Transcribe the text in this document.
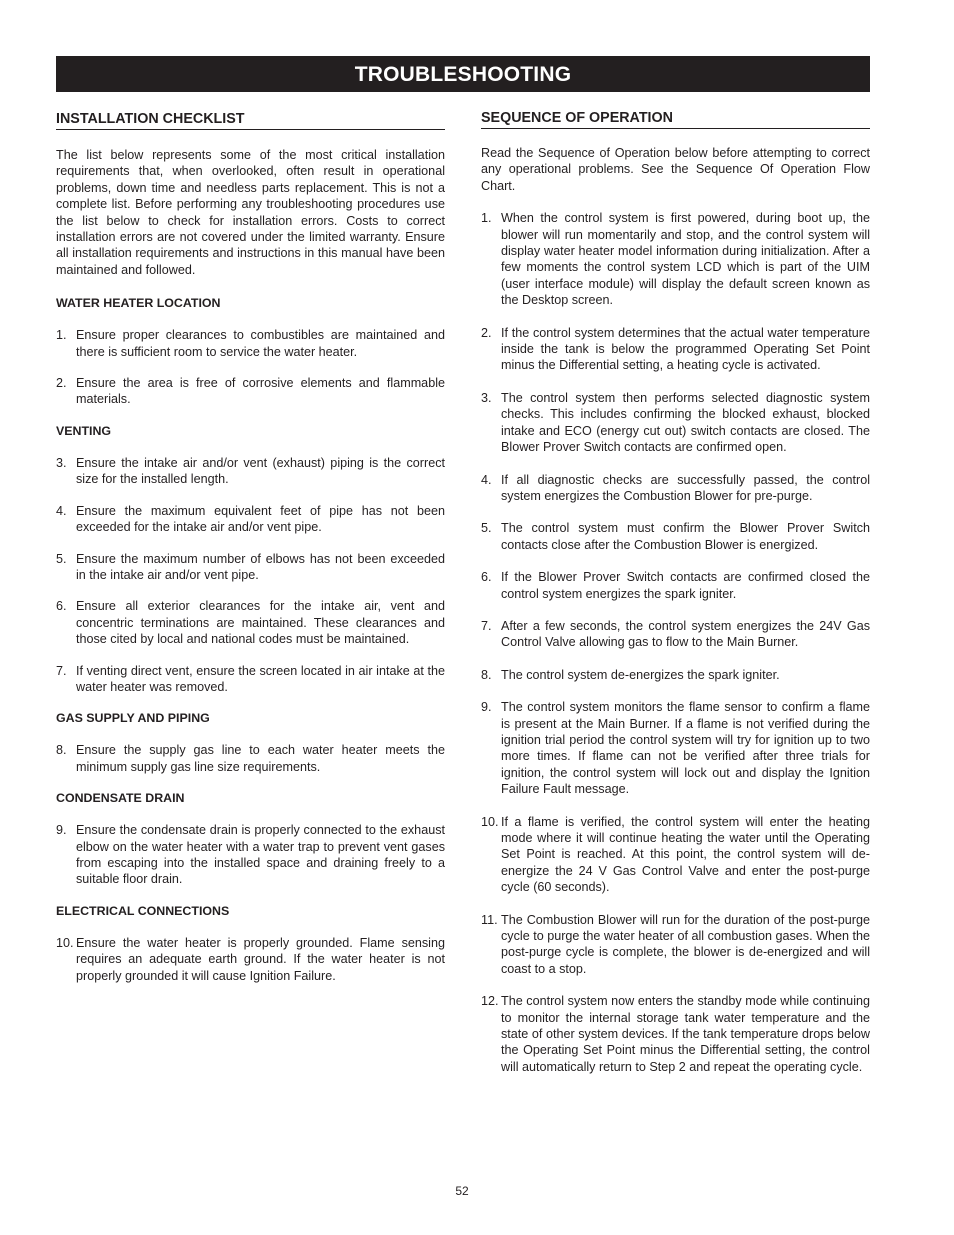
TROUBLESHOOTING
INSTALLATION CHECKLIST

The list below represents some of the most critical installation requirements that, when overlooked, often result in operational problems, down time and needless parts replacement. This is not a complete list. Before performing any troubleshooting procedures use the list below to check for installation errors. Costs to correct installation errors are not covered under the limited warranty. Ensure all installation requirements and instructions in this manual have been maintained and followed.

WATER HEATER LOCATION
1. Ensure proper clearances to combustibles are maintained and there is sufficient room to service the water heater.
2. Ensure the area is free of corrosive elements and flammable materials.
VENTING
3. Ensure the intake air and/or vent (exhaust) piping is the correct size for the installed length.
4. Ensure the maximum equivalent feet of pipe has not been exceeded for the intake air and/or vent pipe.
5. Ensure the maximum number of elbows has not been exceeded in the intake air and/or vent pipe.
6. Ensure all exterior clearances for the intake air, vent and concentric terminations are maintained. These clearances and those cited by local and national codes must be maintained.
7. If venting direct vent, ensure the screen located in air intake at the water heater was removed.
GAS SUPPLY AND PIPING
8. Ensure the supply gas line to each water heater meets the minimum supply gas line size requirements.
CONDENSATE DRAIN
9. Ensure the condensate drain is properly connected to the exhaust elbow on the water heater with a water trap to prevent vent gases from escaping into the installed space and draining freely to a suitable floor drain.
ELECTRICAL CONNECTIONS
10. Ensure the water heater is properly grounded. Flame sensing requires an adequate earth ground. If the water heater is not properly grounded it will cause Ignition Failure.
SEQUENCE OF OPERATION

Read the Sequence of Operation below before attempting to correct any operational problems. See the Sequence Of Operation Flow Chart.

1. When the control system is first powered, during boot up, the blower will run momentarily and stop, and the control system will display water heater model information during initialization. After a few moments the control system LCD which is part of the UIM (user interface module) will display the default screen known as the Desktop screen.
2. If the control system determines that the actual water temperature inside the tank is below the programmed Operating Set Point minus the Differential setting, a heating cycle is activated.
3. The control system then performs selected diagnostic system checks. This includes confirming the blocked exhaust, blocked intake and ECO (energy cut out) switch contacts are closed. The Blower Prover Switch contacts are confirmed open.
4. If all diagnostic checks are successfully passed, the control system energizes the Combustion Blower for pre-purge.
5. The control system must confirm the Blower Prover Switch contacts close after the Combustion Blower is energized.
6. If the Blower Prover Switch contacts are confirmed closed the control system energizes the spark igniter.
7. After a few seconds, the control system energizes the 24V Gas Control Valve allowing gas to flow to the Main Burner.
8. The control system de-energizes the spark igniter.
9. The control system monitors the flame sensor to confirm a flame is present at the Main Burner. If a flame is not verified during the ignition trial period the control system will try for ignition up to two more times. If flame can not be verified after three trials for ignition, the control system will lock out and display the Ignition Failure Fault message.
10. If a flame is verified, the control system will enter the heating mode where it will continue heating the water until the Operating Set Point is reached. At this point, the control system will de-energize the 24 V Gas Control Valve and enter the post-purge cycle (60 seconds).
11. The Combustion Blower will run for the duration of the post-purge cycle to purge the water heater of all combustion gases. When the post-purge cycle is complete, the blower is de-energized and will coast to a stop.
12. The control system now enters the standby mode while continuing to monitor the internal storage tank water temperature and the state of other system devices. If the tank temperature drops below the Operating Set Point minus the Differential setting, the control will automatically return to Step 2 and repeat the operating cycle.
52
